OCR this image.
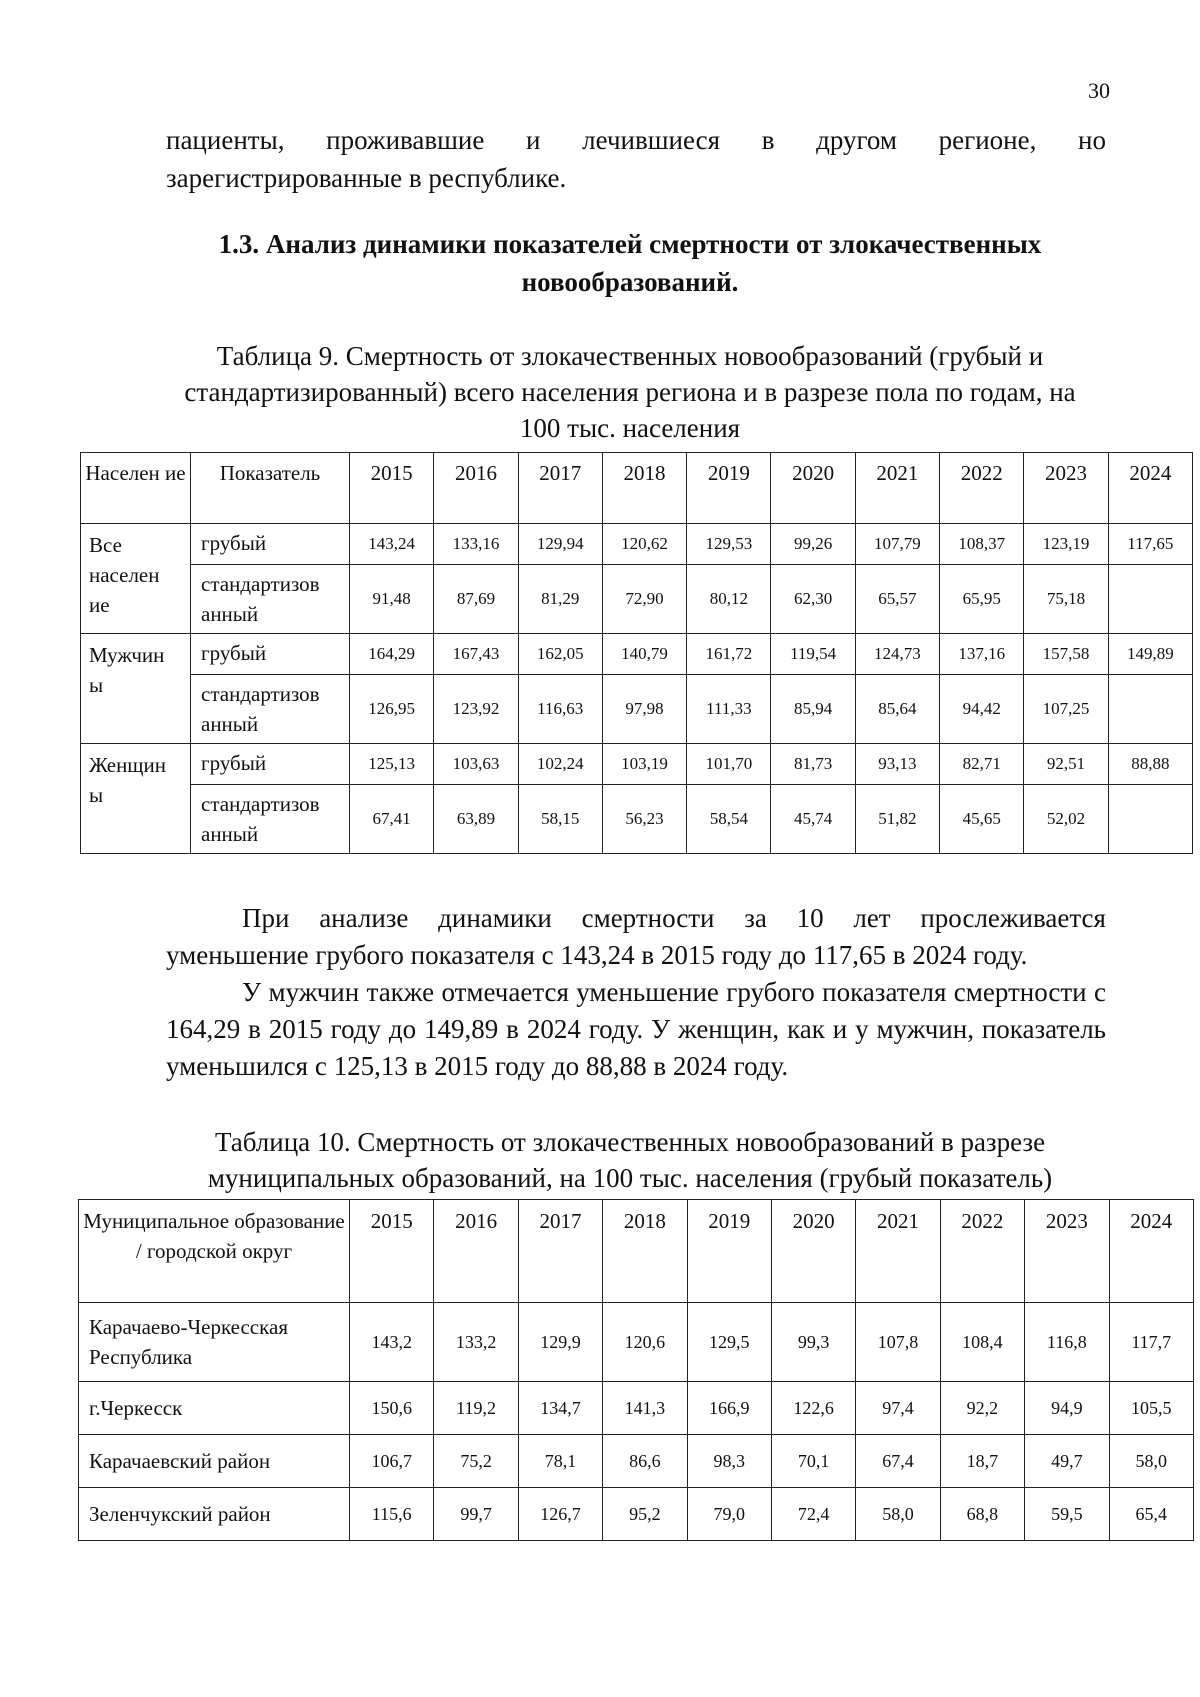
30
пациенты, проживавшие и лечившиеся в другом регионе, но
зарегистрированные в республике.
1.3. Анализ динамики показателей смертности от злокачественных
новообразований.
Таблица 9. Смертность от злокачественных новообразований (грубый и
стандартизированный) всего населения региона и в разрезе пола по годам, на
100 тыс. населения
Населен ие	Показатель	2015	2016	2017	2018	2019	2020	2021	2022	2023	2024
Все населен ие	грубый	143,24	133,16	129,94	120,62	129,53	99,26	107,79	108,37	123,19	117,65
	стандартизов анный	91,48	87,69	81,29	72,90	80,12	62,30	65,57	65,95	75,18	
Мужчин ы	грубый	164,29	167,43	162,05	140,79	161,72	119,54	124,73	137,16	157,58	149,89
	стандартизов анный	126,95	123,92	116,63	97,98	111,33	85,94	85,64	94,42	107,25	
Женщин ы	грубый	125,13	103,63	102,24	103,19	101,70	81,73	93,13	82,71	92,51	88,88
	стандартизов анный	67,41	63,89	58,15	56,23	58,54	45,74	51,82	45,65	52,02	
При анализе динамики смертности за 10 лет прослеживается
уменьшение грубого показателя с 143,24 в 2015 году до 117,65 в 2024 году.

У мужчин также отмечается уменьшение грубого показателя смертности с 164,29 в 2015 году до 149,89 в 2024 году. У женщин, как и у мужчин, показатель уменьшился с 125,13 в 2015 году до 88,88 в 2024 году.

Таблица 10. Смертность от злокачественных новообразований в разрезе
муниципальных образований, на 100 тыс. населения (грубый показатель)
Муниципальное образование / городской округ	2015	2016	2017	2018	2019	2020	2021	2022	2023	2024
Карачаево-Черкесская Республика	143,2	133,2	129,9	120,6	129,5	99,3	107,8	108,4	116,8	117,7
г.Черкесск	150,6	119,2	134,7	141,3	166,9	122,6	97,4	92,2	94,9	105,5
Карачаевский район	106,7	75,2	78,1	86,6	98,3	70,1	67,4	18,7	49,7	58,0
Зеленчукский район	115,6	99,7	126,7	95,2	79,0	72,4	58,0	68,8	59,5	65,4
